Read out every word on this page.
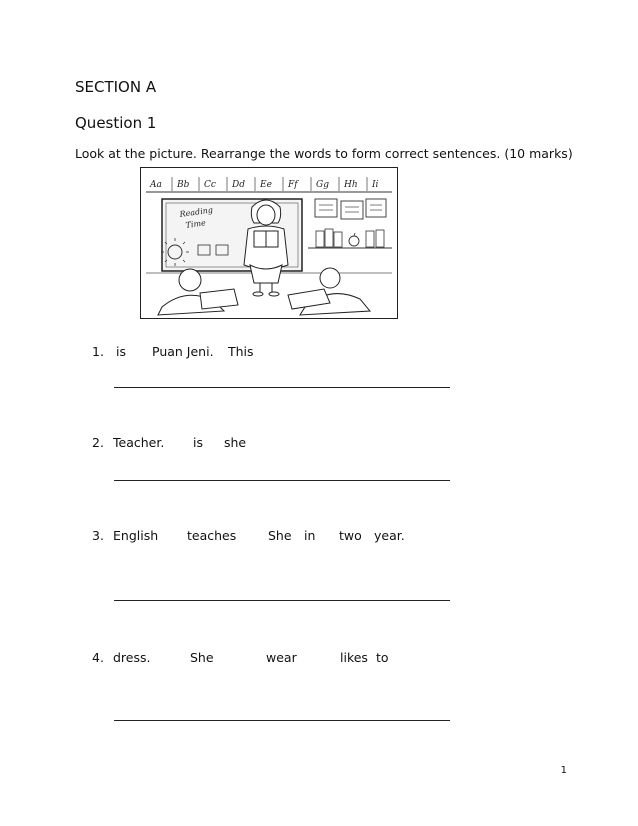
SECTION A
Question 1
Look at the picture. Rearrange the words to form correct sentences. (10 marks)
Aa Bb Cc Dd Ee Ff Gg Hh Ii
Reading
Time
1. is Puan Jeni. This
2. Teacher. is she
3. English teaches	She in two year.
4. dress.	She	wear	likes to
1
